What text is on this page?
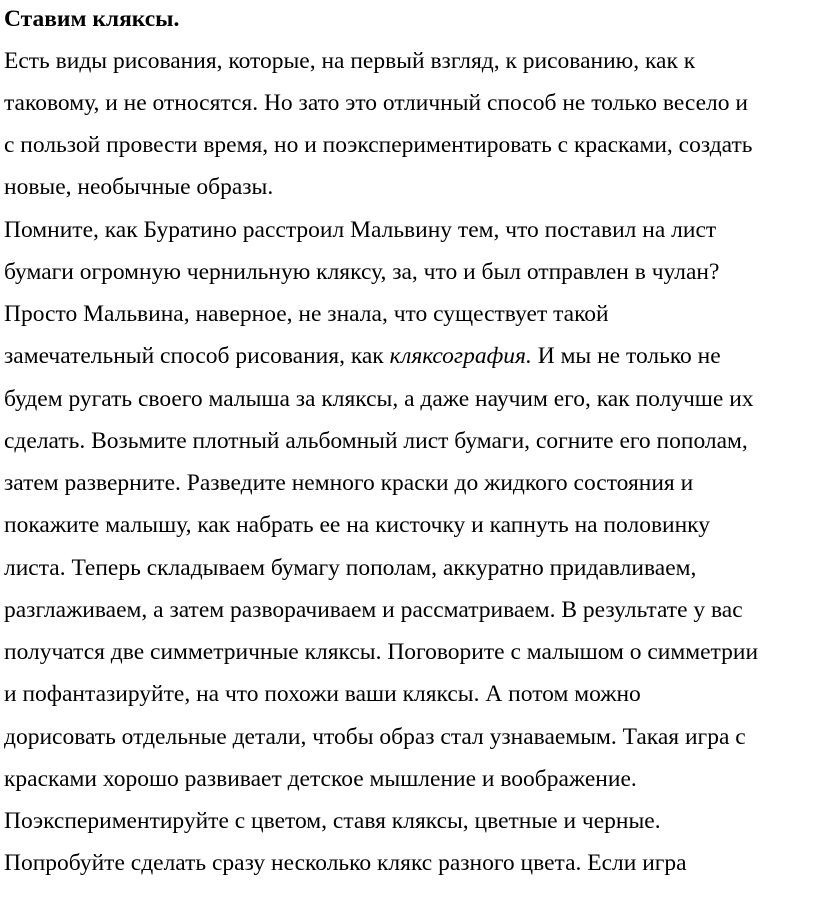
Ставим кляксы.
Есть виды рисования, которые, на первый взгляд, к рисованию, как к
таковому, и не относятся. Но зато это отличный способ не только весело и
с пользой провести время, но и поэкспериментировать с красками, создать
новые, необычные образы.
Помните, как Буратино расстроил Мальвину тем, что поставил на лист
бумаги огромную чернильную кляксу, за, что и был отправлен в чулан?
Просто Мальвина, наверное, не знала, что существует такой
замечательный способ рисования, как кляксография. И мы не только не
будем ругать своего малыша за кляксы, а даже научим его, как получше их
сделать. Возьмите плотный альбомный лист бумаги, согните его пополам,
затем разверните. Разведите немного краски до жидкого состояния и
покажите малышу, как набрать ее на кисточку и капнуть на половинку
листа. Теперь складываем бумагу пополам, аккуратно придавливаем,
разглаживаем, а затем разворачиваем и рассматриваем. В результате у вас
получатся две симметричные кляксы. Поговорите с малышом о симметрии
и пофантазируйте, на что похожи ваши кляксы. А потом можно
дорисовать отдельные детали, чтобы образ стал узнаваемым. Такая игра с
красками хорошо развивает детское мышление и воображение.
Поэкспериментируйте с цветом, ставя кляксы, цветные и черные.
Попробуйте сделать сразу несколько клякс разного цвета. Если игра
